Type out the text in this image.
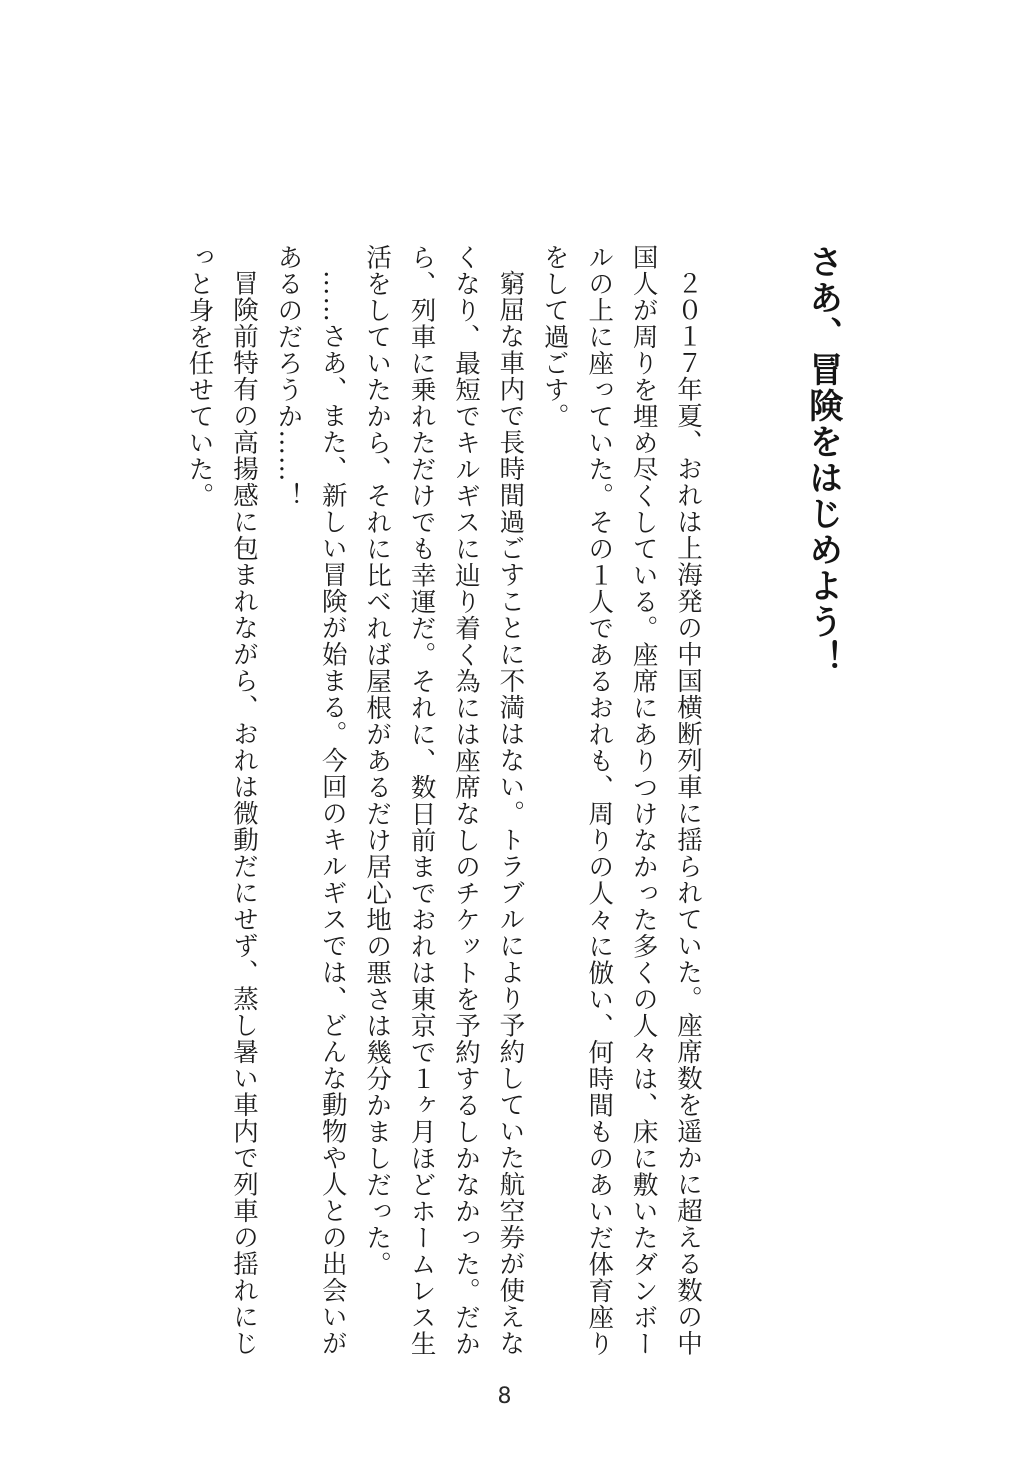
さあ、冒険をはじめよう！

２０１７年夏、おれは上海発の中国横断列車に揺られていた。座席数を遥かに超える数の中国人が周りを埋め尽くしている。座席にありつけなかった多くの人々は、床に敷いたダンボールの上に座っていた。その１人であるおれも、周りの人々に倣い、何時間ものあいだ体育座りをして過ごす。

窮屈な車内で長時間過ごすことに不満はない。トラブルにより予約していた航空券が使えなくなり、最短でキルギスに辿り着く為には座席なしのチケットを予約するしかなかった。だから、列車に乗れただけでも幸運だ。それに、数日前までおれは東京で１ヶ月ほどホームレス生活をしていたから、それに比べれば屋根があるだけ居心地の悪さは幾分かましだった。

……さあ、また、新しい冒険が始まる。今回のキルギスでは、どんな動物や人との出会いがあるのだろうか……！

冒険前特有の高揚感に包まれながら、おれは微動だにせず、蒸し暑い車内で列車の揺れにじっと身を任せていた。

8
